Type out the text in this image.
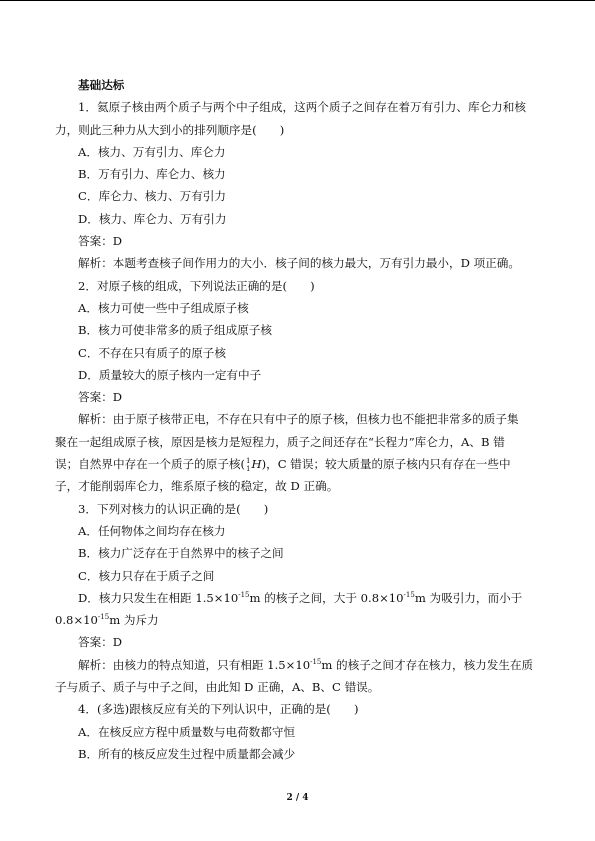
基础达标
1．氦原子核由两个质子与两个中子组成，这两个质子之间存在着万有引力、库仑力和核
力，则此三种力从大到小的排列顺序是(　　)
A．核力、万有引力、库仑力
B．万有引力、库仑力、核力
C．库仑力、核力、万有引力
D．核力、库仑力、万有引力
答案：D
解析：本题考查核子间作用力的大小．核子间的核力最大，万有引力最小，D 项正确。
2．对原子核的组成，下列说法正确的是(　　)
A．核力可使一些中子组成原子核
B．核力可使非常多的质子组成原子核
C．不存在只有质子的原子核
D．质量较大的原子核内一定有中子
答案：D
解析：由于原子核带正电，不存在只有中子的原子核，但核力也不能把非常多的质子集
聚在一起组成原子核，原因是核力是短程力，质子之间还存在“长程力”库仑力，A、B 错
误；自然界中存在一个质子的原子核( 1
1 H)，C 错误；较大质量的原子核内只有存在一些中
子，才能削弱库仑力，维系原子核的稳定，故 D 正确。
3．下列对核力的认识正确的是(　　)
A．任何物体之间均存在核力
B．核力广泛存在于自然界中的核子之间
C．核力只存在于质子之间
D．核力只发生在相距 $1.5\times 10^{-15}m$ 的核子之间，大于 $0.8\times 10^{-15}m$ 为吸引力，而小于
$0.8\times 10^{-15}m$ 为斥力
答案：D
解析：由核力的特点知道，只有相距 $1.5\times 10^{-15}m$ 的核子之间才存在核力，核力发生在质
子与质子、质子与中子之间，由此知 D 正确，A、B、C 错误。
4．(多选)跟核反应有关的下列认识中，正确的是(　　)
A．在核反应方程中质量数与电荷数都守恒
B．所有的核反应发生过程中质量都会减少
2 / 4
